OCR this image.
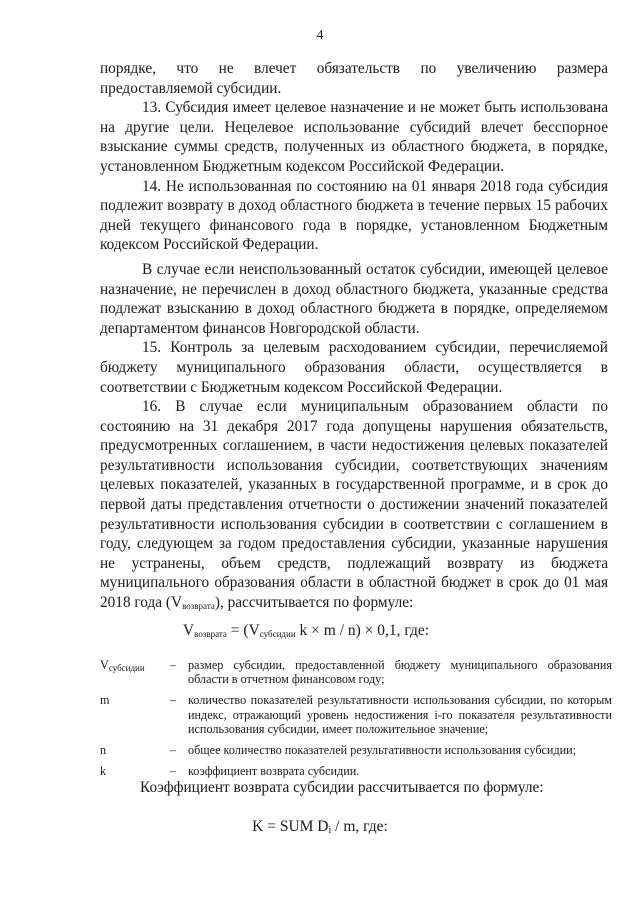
4

порядке, что не влечет обязательств по увеличению размера предоставляемой субсидии.

13. Субсидия имеет целевое назначение и не может быть использована на другие цели. Нецелевое использование субсидий влечет бесспорное взыскание суммы средств, полученных из областного бюджета, в порядке, установленном Бюджетным кодексом Российской Федерации.

14. Не использованная по состоянию на 01 января 2018 года субсидия подлежит возврату в доход областного бюджета в течение первых 15 рабочих дней текущего финансового года в порядке, установленном Бюджетным кодексом Российской Федерации.

В случае если неиспользованный остаток субсидии, имеющей целевое назначение, не перечислен в доход областного бюджета, указанные средства подлежат взысканию в доход областного бюджета в порядке, определяемом департаментом финансов Новгородской области.

15. Контроль за целевым расходованием субсидии, перечисляемой бюджету муниципального образования области, осуществляется в соответствии с Бюджетным кодексом Российской Федерации.

16. В случае если муниципальным образованием области по состоянию на 31 декабря 2017 года допущены нарушения обязательств, предусмотренных соглашением, в части недостижения целевых показателей результативности использования субсидии, соответствующих значениям целевых показателей, указанных в государственной программе, и в срок до первой даты представления отчетности о достижении значений показателей результативности использования субсидии в соответствии с соглашением в году, следующем за годом предоставления субсидии, указанные нарушения не устранены, объем средств, подлежащий возврату из бюджета муниципального образования области в областной бюджет в срок до 01 мая 2018 года $(V_{возврата})$, рассчитывается по формуле:

$V_{возврата} = (V_{субсидии}$ k × m / n) × 0,1, где:
$V_{субсидии}$	– размер субсидии, предоставленной бюджету муниципального образования области в отчетном финансовом году;
m	– количество показателей результативности использования субсидии, по которым индекс, отражающий уровень недостижения i-го показателя результативности использования субсидии, имеет положительное значение;
n	– общее количество показателей результативности использования субсидии;
k	– коэффициент возврата субсидии.
Коэффициент возврата субсидии рассчитывается по формуле:
K = SUM $D_i$ / m, где:
